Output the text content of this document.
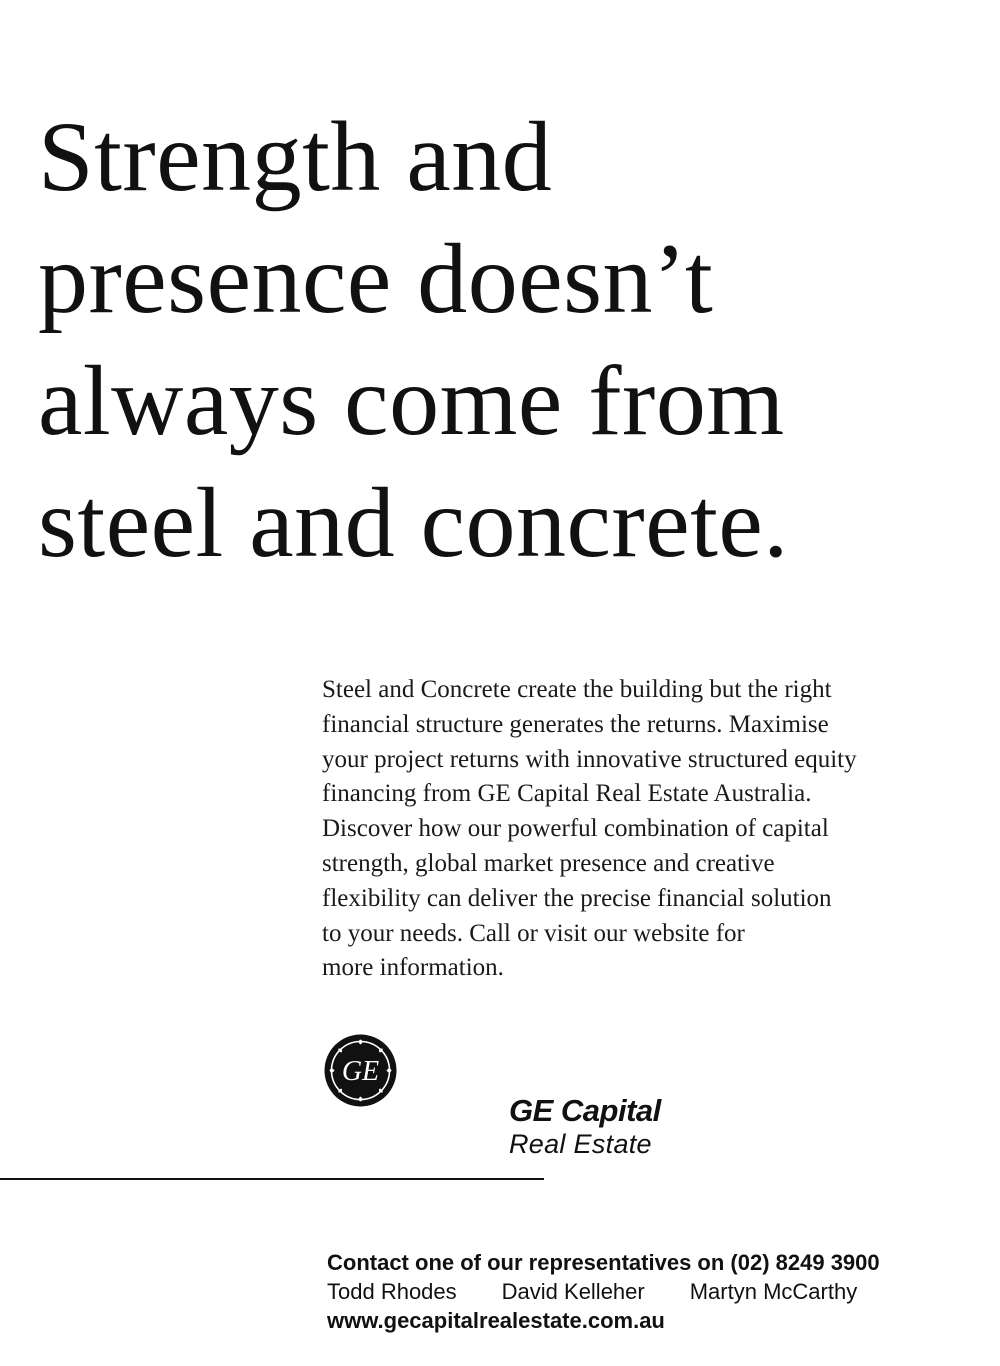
Strength and
presence doesn’t
always come from
steel and concrete.

Steel and Concrete create the building but the right
financial structure generates the returns. Maximise
your project returns with innovative structured equity
financing from GE Capital Real Estate Australia.
Discover how our powerful combination of capital
strength, global market presence and creative
flexibility can deliver the precise financial solution
to your needs. Call or visit our website for
more information.

GE
GE Capital
Real Estate
Contact one of our representatives on (02) 8249 3900
Todd Rhodes David Kelleher Martyn McCarthy
www.gecapitalrealestate.com.au
